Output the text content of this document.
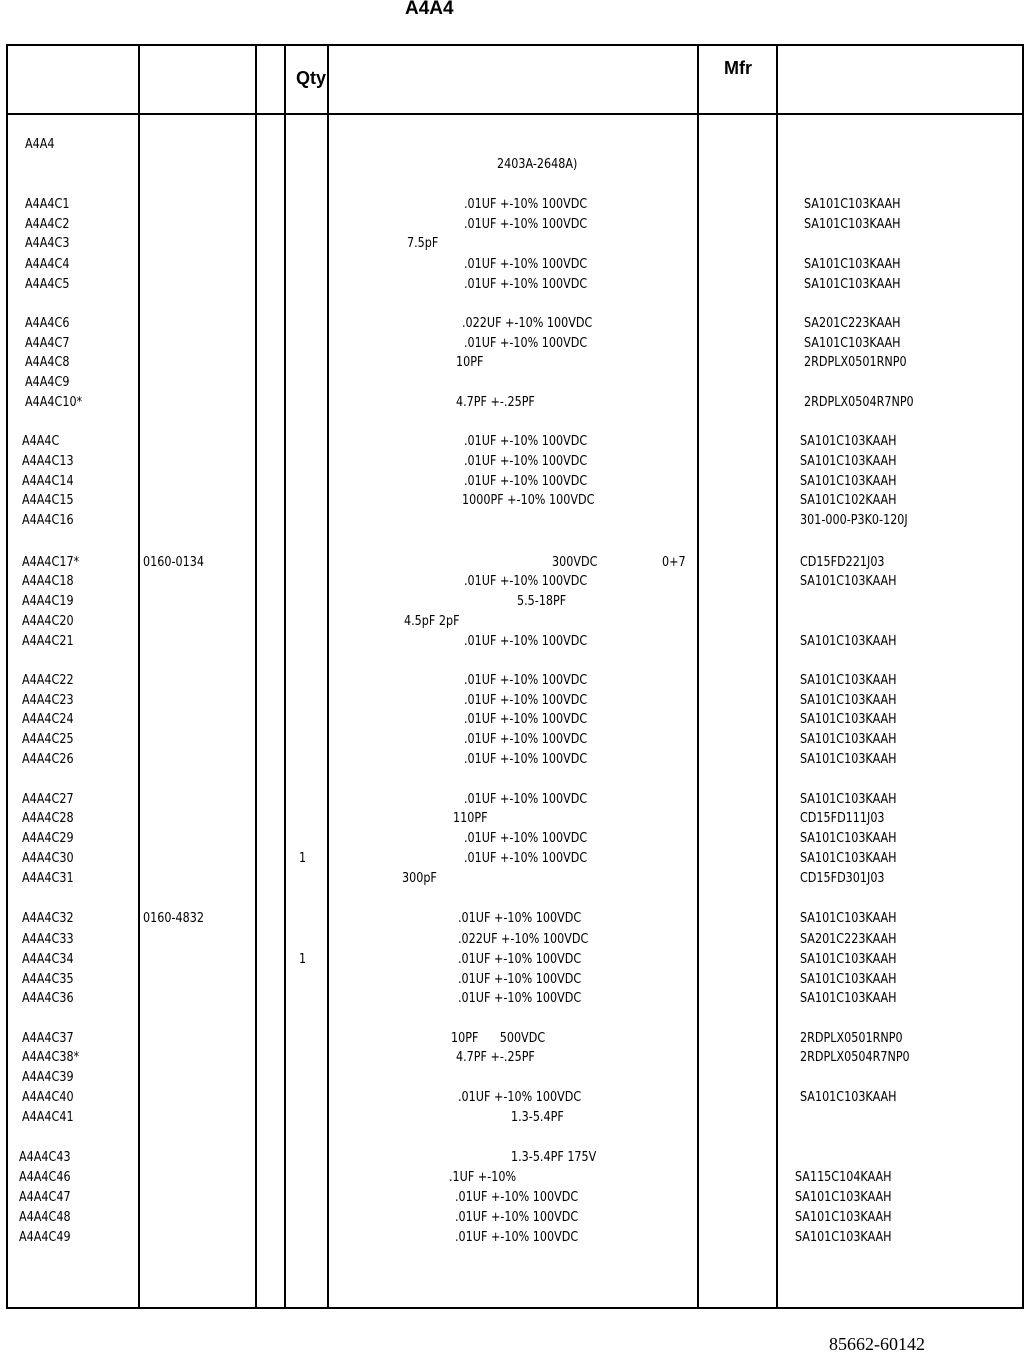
A4A4
Qty	Mfr
A4A4
2403A-2648A)
A4A4C1	.01UF +-10% 100VDC	SA101C103KAAH
A4A4C2	.01UF +-10% 100VDC	SA101C103KAAH
A4A4C3	7.5pF
A4A4C4	.01UF +-10% 100VDC	SA101C103KAAH
A4A4C5	.01UF +-10% 100VDC	SA101C103KAAH
A4A4C6	.022UF +-10% 100VDC	SA201C223KAAH
A4A4C7	.01UF +-10% 100VDC	SA101C103KAAH
A4A4C8	10PF	2RDPLX0501RNP0
A4A4C9
A4A4C10*	4.7PF +-.25PF	2RDPLX0504R7NP0
A4A4C	.01UF +-10% 100VDC	SA101C103KAAH
A4A4C13	.01UF +-10% 100VDC	SA101C103KAAH
A4A4C14	.01UF +-10% 100VDC	SA101C103KAAH
A4A4C15	1000PF +-10% 100VDC	SA101C102KAAH
A4A4C16	301-000-P3K0-120J
A4A4C17*	0160-0134	300VDC	0+7	CD15FD221J03
A4A4C18	.01UF +-10% 100VDC	SA101C103KAAH
A4A4C19	5.5-18PF
A4A4C20	4.5pF 2pF
A4A4C21	.01UF +-10% 100VDC	SA101C103KAAH
A4A4C22	.01UF +-10% 100VDC	SA101C103KAAH
A4A4C23	.01UF +-10% 100VDC	SA101C103KAAH
A4A4C24	.01UF +-10% 100VDC	SA101C103KAAH
A4A4C25	.01UF +-10% 100VDC	SA101C103KAAH
A4A4C26	.01UF +-10% 100VDC	SA101C103KAAH
A4A4C27	.01UF +-10% 100VDC	SA101C103KAAH
A4A4C28	110PF	CD15FD111J03
A4A4C29	.01UF +-10% 100VDC	SA101C103KAAH
A4A4C30	1	.01UF +-10% 100VDC	SA101C103KAAH
A4A4C31	300pF	CD15FD301J03
A4A4C32	0160-4832	.01UF +-10% 100VDC	SA101C103KAAH
A4A4C33	.022UF +-10% 100VDC	SA201C223KAAH
A4A4C34	1	.01UF +-10% 100VDC	SA101C103KAAH
A4A4C35	.01UF +-10% 100VDC	SA101C103KAAH
A4A4C36	.01UF +-10% 100VDC	SA101C103KAAH
A4A4C37	10PF      500VDC	2RDPLX0501RNP0
A4A4C38*	4.7PF +-.25PF	2RDPLX0504R7NP0
A4A4C39
A4A4C40	.01UF +-10% 100VDC	SA101C103KAAH
A4A4C41	1.3-5.4PF
A4A4C43	1.3-5.4PF 175V
A4A4C46	.1UF +-10%	SA115C104KAAH
A4A4C47	.01UF +-10% 100VDC	SA101C103KAAH
A4A4C48	.01UF +-10% 100VDC	SA101C103KAAH
A4A4C49	.01UF +-10% 100VDC	SA101C103KAAH
85662-60142
